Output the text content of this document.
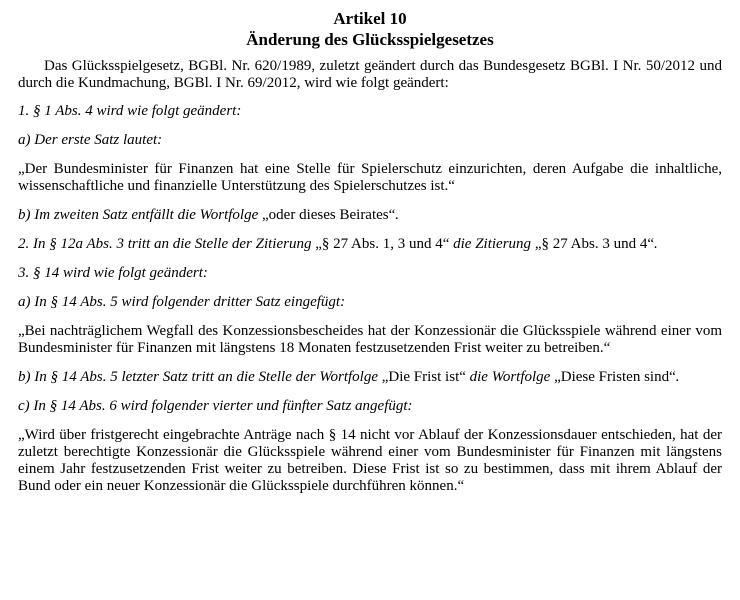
Artikel 10
Änderung des Glücksspielgesetzes

Das Glücksspielgesetz, BGBl. Nr. 620/1989, zuletzt geändert durch das Bundesgesetz BGBl. I Nr. 50/2012 und durch die Kundmachung, BGBl. I Nr. 69/2012, wird wie folgt geändert:

1. § 1 Abs. 4 wird wie folgt geändert:

a) Der erste Satz lautet:

„Der Bundesminister für Finanzen hat eine Stelle für Spielerschutz einzurichten, deren Aufgabe die inhaltliche, wissenschaftliche und finanzielle Unterstützung des Spielerschutzes ist.“

b) Im zweiten Satz entfällt die Wortfolge „oder dieses Beirates“.

2. In § 12a Abs. 3 tritt an die Stelle der Zitierung „§ 27 Abs. 1, 3 und 4“ die Zitierung „§ 27 Abs. 3 und 4“.

3. § 14 wird wie folgt geändert:

a) In § 14 Abs. 5 wird folgender dritter Satz eingefügt:

„Bei nachträglichem Wegfall des Konzessionsbescheides hat der Konzessionär die Glücksspiele während einer vom Bundesminister für Finanzen mit längstens 18 Monaten festzusetzenden Frist weiter zu betreiben.“

b) In § 14 Abs. 5 letzter Satz tritt an die Stelle der Wortfolge „Die Frist ist“ die Wortfolge „Diese Fristen sind“.

c) In § 14 Abs. 6 wird folgender vierter und fünfter Satz angefügt:

„Wird über fristgerecht eingebrachte Anträge nach § 14 nicht vor Ablauf der Konzessionsdauer entschieden, hat der zuletzt berechtigte Konzessionär die Glücksspiele während einer vom Bundesminister für Finanzen mit längstens einem Jahr festzusetzenden Frist weiter zu betreiben. Diese Frist ist so zu bestimmen, dass mit ihrem Ablauf der Bund oder ein neuer Konzessionär die Glücksspiele durchführen können.“
